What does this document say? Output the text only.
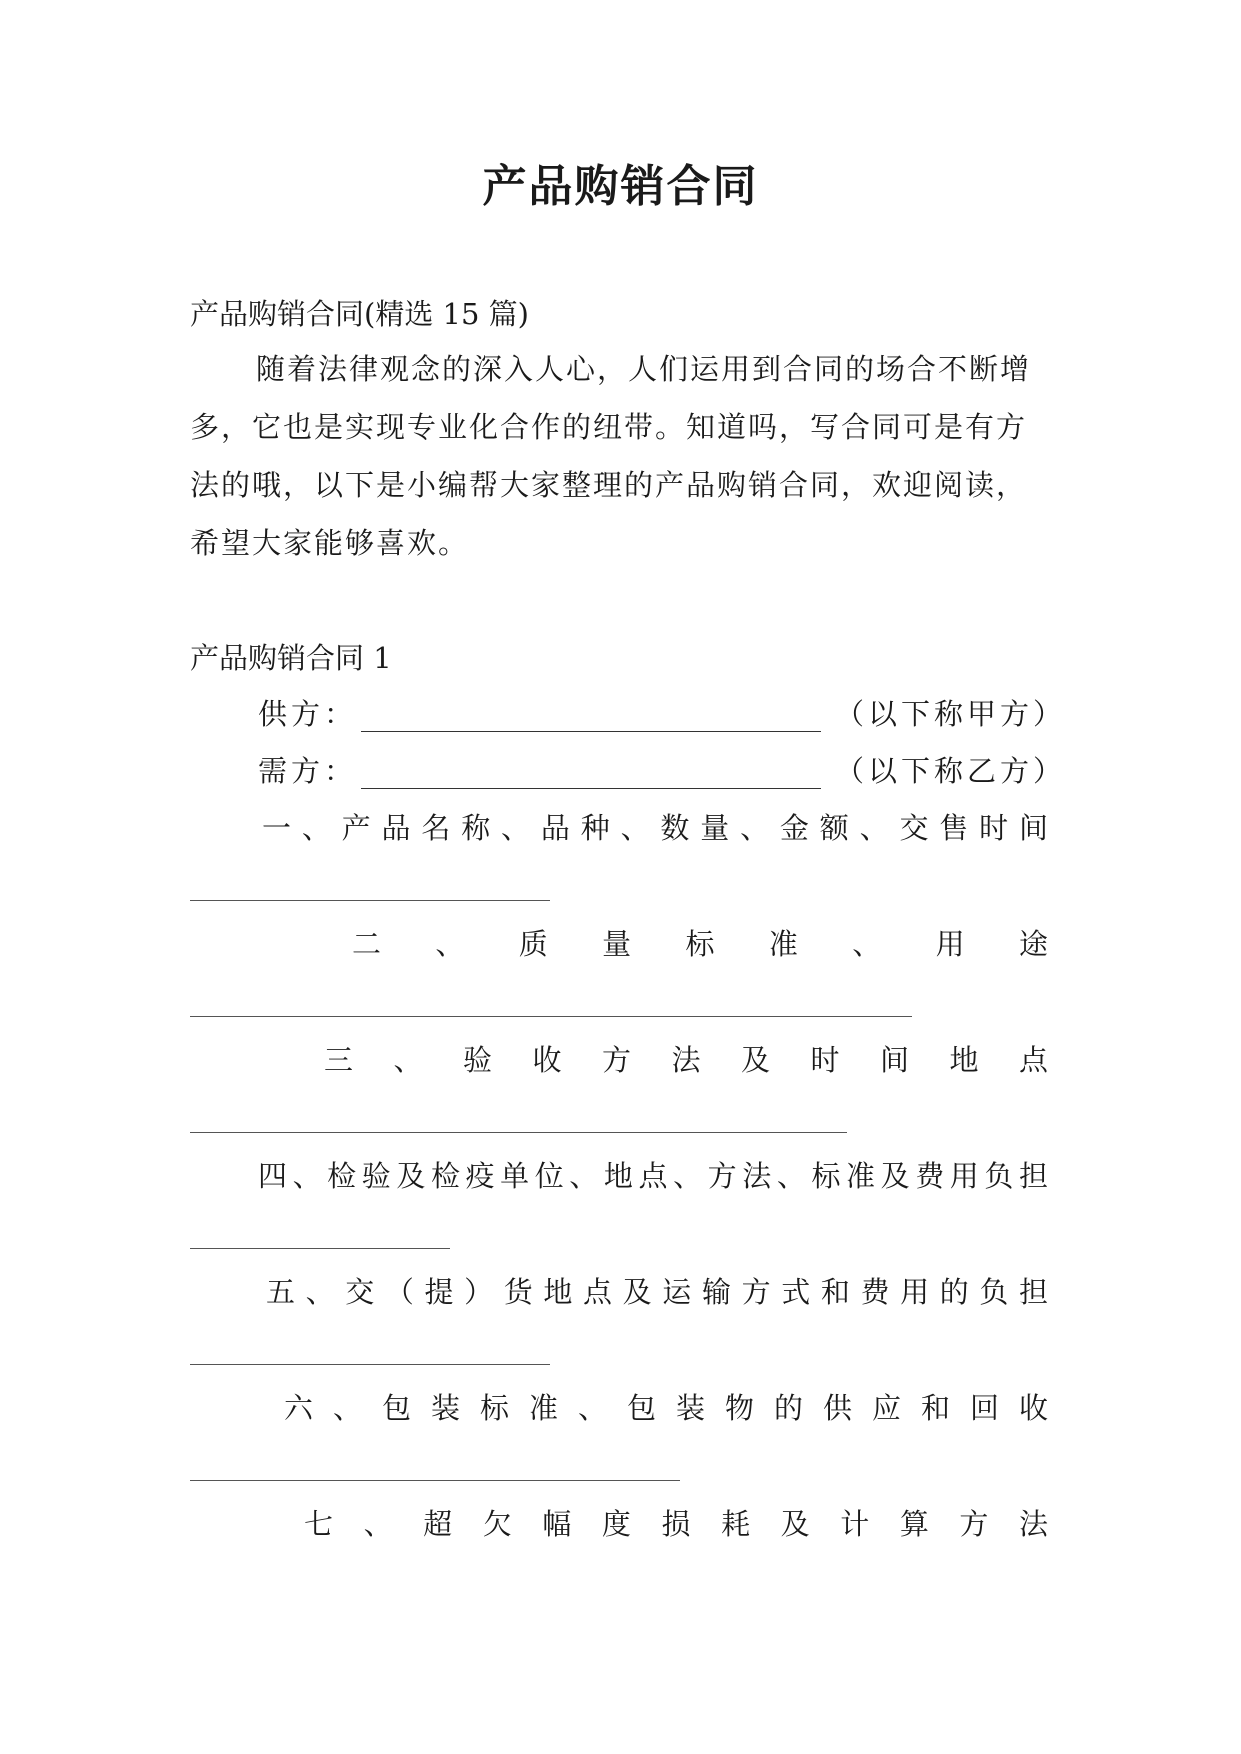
产品购销合同
产品购销合同(精选 15 篇)
随着法律观念的深入人心，人们运用到合同的场合不断增多，它也是实现专业化合作的纽带。知道吗，写合同可是有方法的哦，以下是小编帮大家整理的产品购销合同，欢迎阅读，希望大家能够喜欢。
产品购销合同 1
供方：	（以下称甲方）
需方：	（以下称乙方）
一、产品名称、品种、数量、金额、交售时间
二、质量标准、用途
三、验收方法及时间地点
四、检验及检疫单位、地点、方法、标准及费用负担
五、交（提）货地点及运输方式和费用的负担
六、包装标准、包装物的供应和回收
七、超欠幅度损耗及计算方法
